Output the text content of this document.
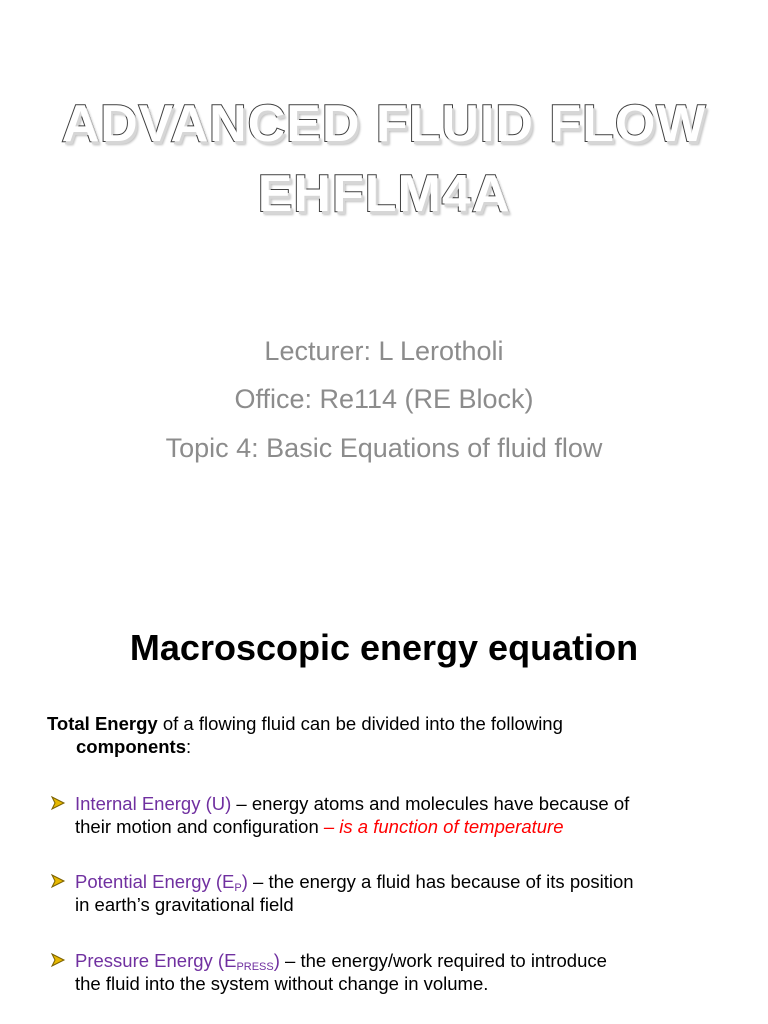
ADVANCED FLUID FLOW
EHFLM4A
Lecturer: L Lerotholi
Office: Re114 (RE Block)
Topic 4: Basic Equations of fluid flow
Macroscopic energy equation
Total Energy of a flowing fluid can be divided into the following
components:
Internal Energy (U) – energy atoms and molecules have because of
their motion and configuration – is a function of temperature
Potential Energy $(E_P)$ – the energy a fluid has because of its position
in earth’s gravitational field
Pressure Energy $(E_{PRESS})$ – the energy/work required to introduce
the fluid into the system without change in volume.
